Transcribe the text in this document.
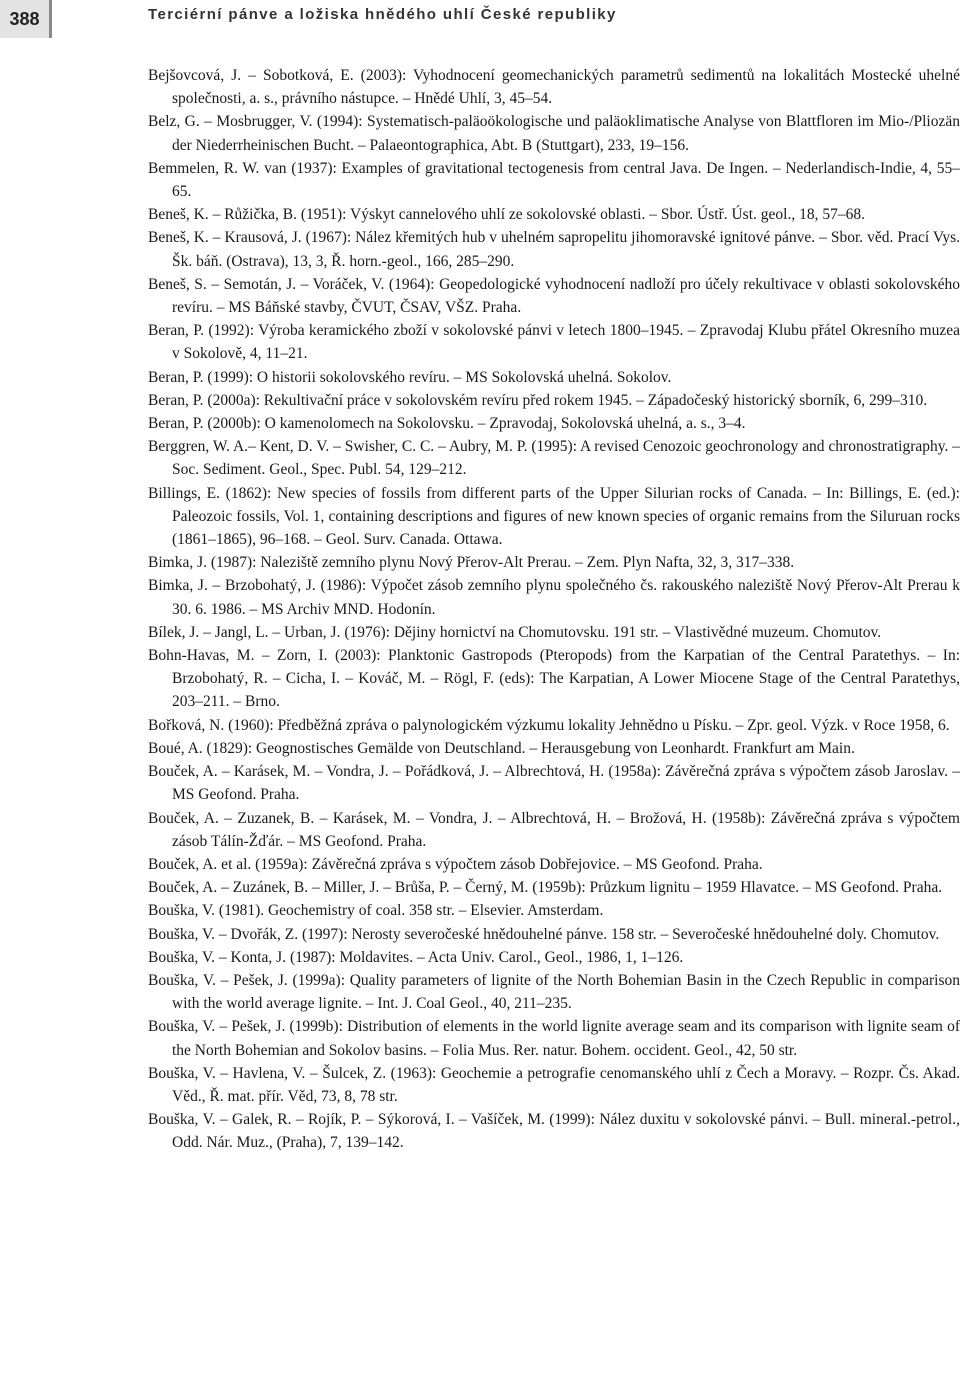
388	Terciérní pánve a ložiska hnědého uhlí České republiky
Bejšovcová, J. – Sobotková, E. (2003): Vyhodnocení geomechanických parametrů sedimentů na lokalitách Mostecké uhelné společnosti, a. s., právního nástupce. – Hnědé Uhlí, 3, 45–54.
Belz, G. – Mosbrugger, V. (1994): Systematisch-paläoökologische und paläoklimatische Analyse von Blattfloren im Mio-/Pliozän der Niederrheinischen Bucht. – Palaeontographica, Abt. B (Stuttgart), 233, 19–156.
Bemmelen, R. W. van (1937): Examples of gravitational tectogenesis from central Java. De Ingen. – Nederlandisch-Indie, 4, 55–65.
Beneš, K. – Růžička, B. (1951): Výskyt cannelového uhlí ze sokolovské oblasti. – Sbor. Ústř. Úst. geol., 18, 57–68.
Beneš, K. – Krausová, J. (1967): Nález křemitých hub v uhelném sapropelitu jihomoravské ignitové pánve. – Sbor. věd. Prací Vys. Šk. báň. (Ostrava), 13, 3, Ř. horn.-geol., 166, 285–290.
Beneš, S. – Semotán, J. – Voráček, V. (1964): Geopedologické vyhodnocení nadloží pro účely rekultivace v oblasti sokolovského revíru. – MS Báňské stavby, ČVUT, ČSAV, VŠZ. Praha.
Beran, P. (1992): Výroba keramického zboží v sokolovské pánvi v letech 1800–1945. – Zpravodaj Klubu přátel Okresního muzea v Sokolově, 4, 11–21.
Beran, P. (1999): O historii sokolovského revíru. – MS Sokolovská uhelná. Sokolov.
Beran, P. (2000a): Rekultivační práce v sokolovském revíru před rokem 1945. – Západočeský historický sborník, 6, 299–310.
Beran, P. (2000b): O kamenolomech na Sokolovsku. – Zpravodaj, Sokolovská uhelná, a. s., 3–4.
Berggren, W. A.– Kent, D. V. – Swisher, C. C. – Aubry, M. P. (1995): A revised Cenozoic geochronology and chronostratigraphy. – Soc. Sediment. Geol., Spec. Publ. 54, 129–212.
Billings, E. (1862): New species of fossils from different parts of the Upper Silurian rocks of Canada. – In: Billings, E. (ed.): Paleozoic fossils, Vol. 1, containing descriptions and figures of new known species of organic remains from the Siluruan rocks (1861–1865), 96–168. – Geol. Surv. Canada. Ottawa.
Bimka, J. (1987): Naleziště zemního plynu Nový Přerov-Alt Prerau. – Zem. Plyn Nafta, 32, 3, 317–338.
Bimka, J. – Brzobohatý, J. (1986): Výpočet zásob zemního plynu společného čs. rakouského naleziště Nový Přerov-Alt Prerau k 30. 6. 1986. – MS Archiv MND. Hodonín.
Bílek, J. – Jangl, L. – Urban, J. (1976): Dějiny hornictví na Chomutovsku. 191 str. – Vlastivědné muzeum. Chomutov.
Bohn-Havas, M. – Zorn, I. (2003): Planktonic Gastropods (Pteropods) from the Karpatian of the Central Paratethys. – In: Brzobohatý, R. – Cicha, I. – Kováč, M. – Rögl, F. (eds): The Karpatian, A Lower Miocene Stage of the Central Paratethys, 203–211. – Brno.
Bořková, N. (1960): Předběžná zpráva o palynologickém výzkumu lokality Jehnědno u Písku. – Zpr. geol. Výzk. v Roce 1958, 6.
Boué, A. (1829): Geognostisches Gemälde von Deutschland. – Herausgebung von Leonhardt. Frankfurt am Main.
Bouček, A. – Karásek, M. – Vondra, J. – Pořádková, J. – Albrechtová, H. (1958a): Závěrečná zpráva s výpočtem zásob Jaroslav. – MS Geofond. Praha.
Bouček, A. – Zuzanek, B. – Karásek, M. – Vondra, J. – Albrechtová, H. – Brožová, H. (1958b): Závěrečná zpráva s výpočtem zásob Tálín-Žďár. – MS Geofond. Praha.
Bouček, A. et al. (1959a): Závěrečná zpráva s výpočtem zásob Dobřejovice. – MS Geofond. Praha.
Bouček, A. – Zuzánek, B. – Miller, J. – Brůša, P. – Černý, M. (1959b): Průzkum lignitu – 1959 Hlavatce. – MS Geofond. Praha.
Bouška, V. (1981). Geochemistry of coal. 358 str. – Elsevier. Amsterdam.
Bouška, V. – Dvořák, Z. (1997): Nerosty severočeské hnědouhelné pánve. 158 str. – Severočeské hnědouhelné doly. Chomutov.
Bouška, V. – Konta, J. (1987): Moldavites. – Acta Univ. Carol., Geol., 1986, 1, 1–126.
Bouška, V. – Pešek, J. (1999a): Quality parameters of lignite of the North Bohemian Basin in the Czech Republic in comparison with the world average lignite. – Int. J. Coal Geol., 40, 211–235.
Bouška, V. – Pešek, J. (1999b): Distribution of elements in the world lignite average seam and its comparison with lignite seam of the North Bohemian and Sokolov basins. – Folia Mus. Rer. natur. Bohem. occident. Geol., 42, 50 str.
Bouška, V. – Havlena, V. – Šulcek, Z. (1963): Geochemie a petrografie cenomanského uhlí z Čech a Moravy. – Rozpr. Čs. Akad. Věd., Ř. mat. přír. Věd, 73, 8, 78 str.
Bouška, V. – Galek, R. – Rojík, P. – Sýkorová, I. – Vašíček, M. (1999): Nález duxitu v sokolovské pánvi. – Bull. mineral.-petrol., Odd. Nár. Muz., (Praha), 7, 139–142.
